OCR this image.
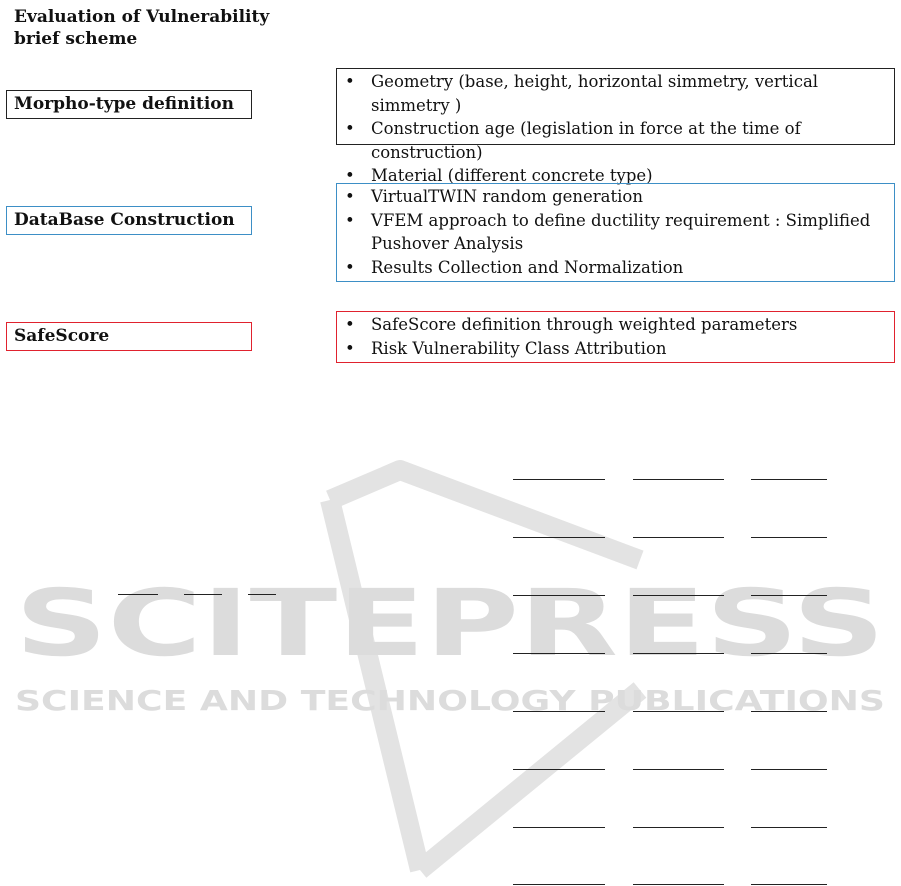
Evaluation of Vulnerability brief scheme
Morpho-type definition
• Geometry (base, height, horizontal simmetry, vertical simmetry )
• Construction age (legislation in force at the time of construction)
• Material (different concrete type)
DataBase Construction
• VirtualTWIN random generation
• VFEM approach to define ductility requirement : Simplified Pushover Analysis
• Results Collection and Normalization
SafeScore
• SafeScore definition through weighted parameters
• Risk Vulnerability Class Attribution
SCITEPRESS
SCIENCE AND TECHNOLOGY PUBLICATIONS
